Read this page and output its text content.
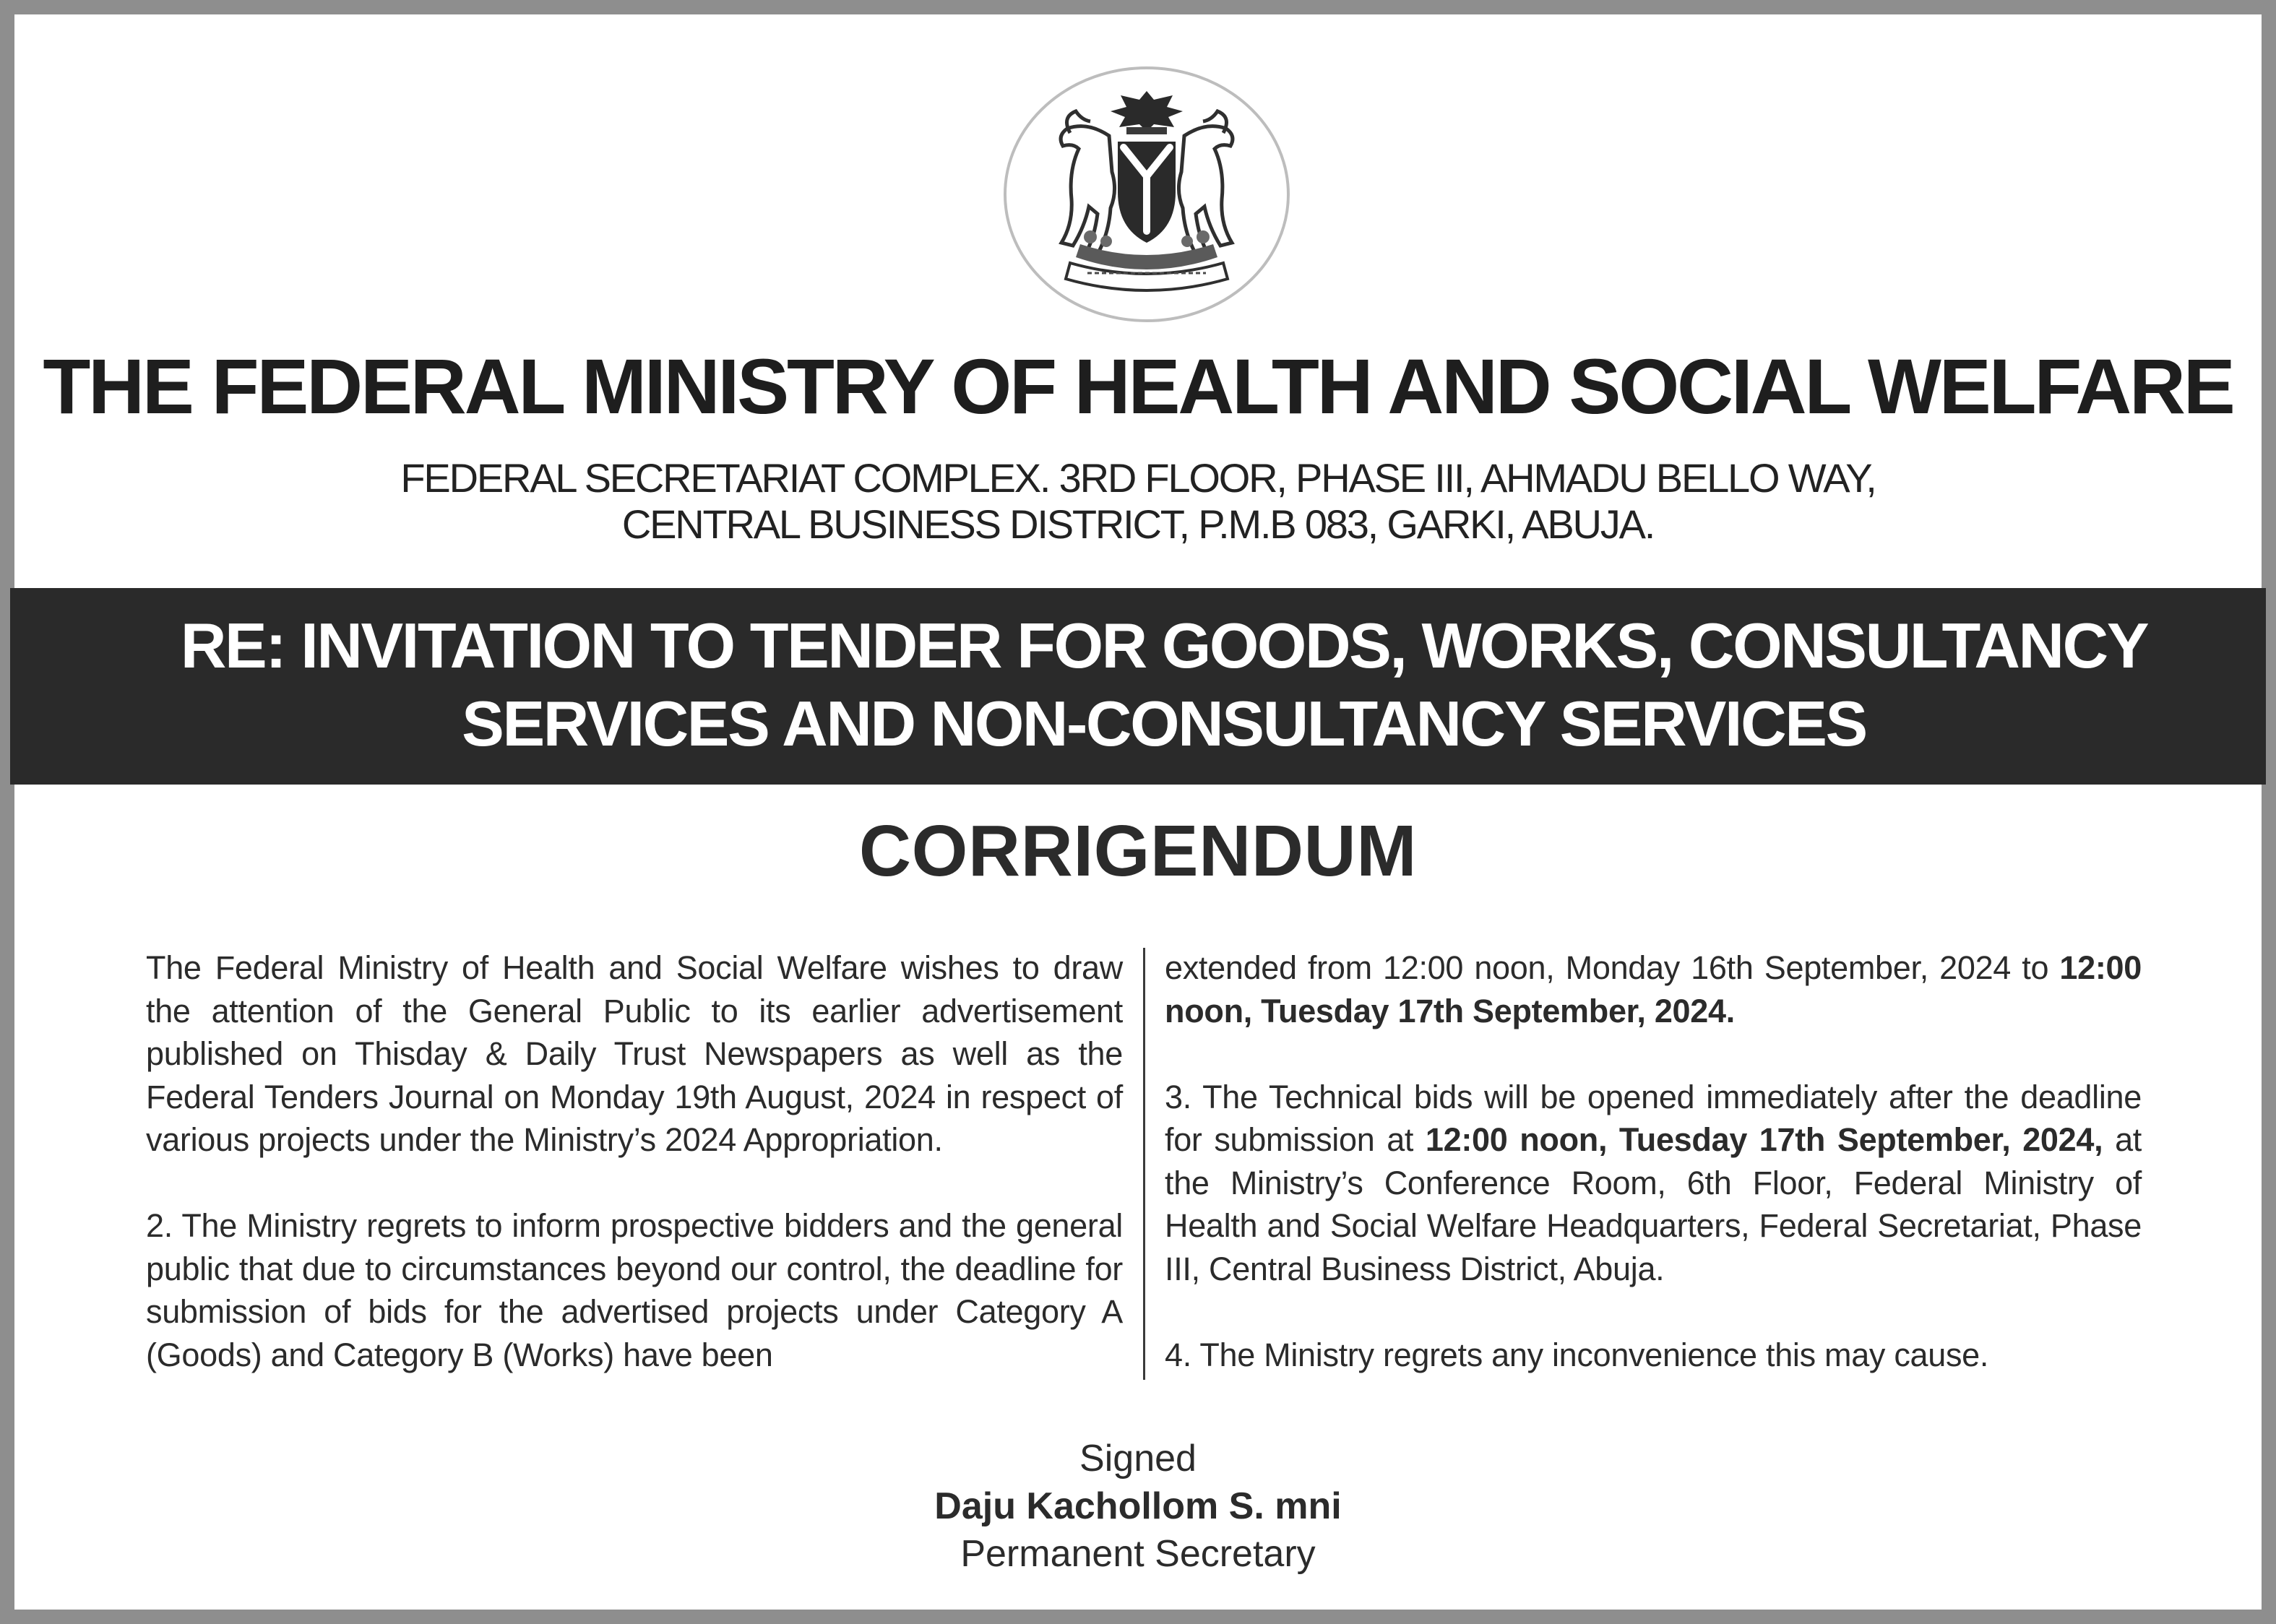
THE FEDERAL MINISTRY OF HEALTH AND SOCIAL WELFARE
FEDERAL SECRETARIAT COMPLEX. 3RD FLOOR, PHASE III, AHMADU BELLO WAY,
CENTRAL BUSINESS DISTRICT, P.M.B 083, GARKI, ABUJA.
RE: INVITATION TO TENDER FOR GOODS, WORKS, CONSULTANCY
SERVICES AND NON-CONSULTANCY SERVICES
CORRIGENDUM

The Federal Ministry of Health and Social Welfare wishes to draw the attention of the General Public to its earlier advertisement published on Thisday & Daily Trust Newspapers as well as the Federal Tenders Journal on Monday 19th August, 2024 in respect of various projects under the Ministry’s 2024 Appropriation.

2. The Ministry regrets to inform prospective bidders and the general public that due to circumstances beyond our control, the deadline for submission of bids for the advertised projects under Category A (Goods) and Category B (Works) have been

extended from 12:00 noon, Monday 16th September, 2024 to 12:00 noon, Tuesday 17th September, 2024.

3. The Technical bids will be opened immediately after the deadline for submission at 12:00 noon, Tuesday 17th September, 2024, at the Ministry’s Conference Room, 6th Floor, Federal Ministry of Health and Social Welfare Headquarters, Federal Secretariat, Phase III, Central Business District, Abuja.

4. The Ministry regrets any inconvenience this may cause.

Signed
Daju Kachollom S. mni
Permanent Secretary
